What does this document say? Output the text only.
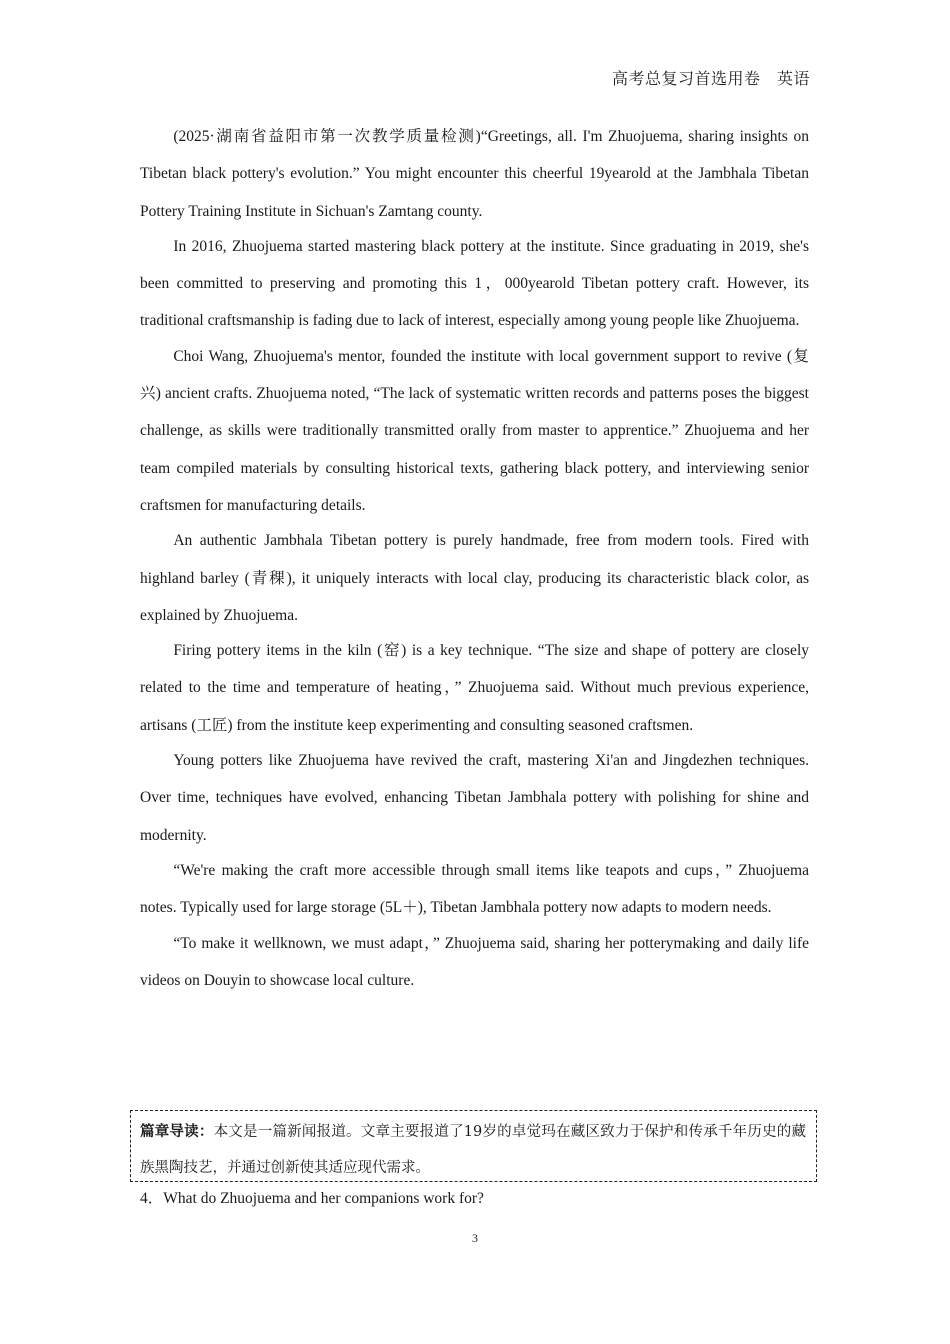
高考总复习首选用卷　英语

(2025·湖南省益阳市第一次教学质量检测)“Greetings, all. I'm Zhuojuema, sharing insights on Tibetan black pottery's evolution.” You might encounter this cheerful 19yearold at the Jambhala Tibetan Pottery Training Institute in Sichuan's Zamtang county.

In 2016, Zhuojuema started mastering black pottery at the institute. Since graduating in 2019, she's been committed to preserving and promoting this 1，000yearold Tibetan pottery craft. However, its traditional craftsmanship is fading due to lack of interest, especially among young people like Zhuojuema.

Choi Wang, Zhuojuema's mentor, founded the institute with local government support to revive (复兴) ancient crafts. Zhuojuema noted, “The lack of systematic written records and patterns poses the biggest challenge, as skills were traditionally transmitted orally from master to apprentice.” Zhuojuema and her team compiled materials by consulting historical texts, gathering black pottery, and interviewing senior craftsmen for manufacturing details.

An authentic Jambhala Tibetan pottery is purely handmade, free from modern tools. Fired with highland barley (青稞), it uniquely interacts with local clay, producing its characteristic black color, as explained by Zhuojuema.

Firing pottery items in the kiln (窑) is a key technique. “The size and shape of pottery are closely related to the time and temperature of heating，” Zhuojuema said. Without much previous experience, artisans (工匠) from the institute keep experimenting and consulting seasoned craftsmen.

Young potters like Zhuojuema have revived the craft, mastering Xi'an and Jingdezhen techniques. Over time, techniques have evolved, enhancing Tibetan Jambhala pottery with polishing for shine and modernity.

“We're making the craft more accessible through small items like teapots and cups，” Zhuojuema notes. Typically used for large storage (5L＋), Tibetan Jambhala pottery now adapts to modern needs.

“To make it wellknown, we must adapt，” Zhuojuema said, sharing her potterymaking and daily life videos on Douyin to showcase local culture.

篇章导读：本文是一篇新闻报道。文章主要报道了19岁的卓觉玛在藏区致力于保护和传承千年历史的藏族黑陶技艺，并通过创新使其适应现代需求。
4．What do Zhuojuema and her companions work for?
3
